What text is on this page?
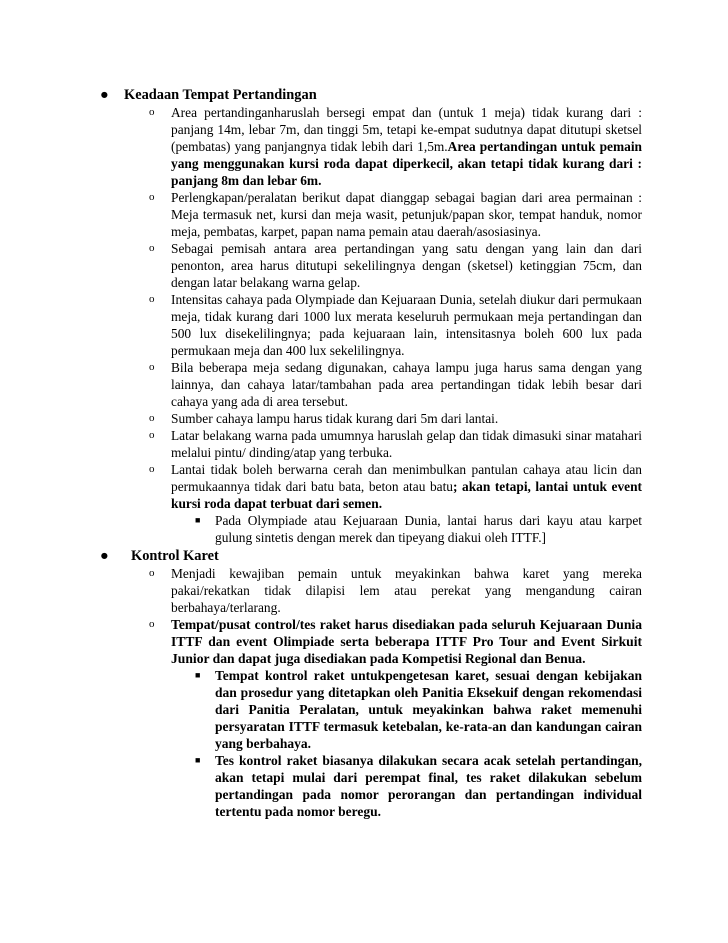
● Keadaan Tempat Pertandingan
o Area pertandinganharuslah bersegi empat dan (untuk 1 meja) tidak kurang dari : panjang 14m, lebar 7m, dan tinggi 5m, tetapi ke-empat sudutnya dapat ditutupi sketsel (pembatas) yang panjangnya tidak lebih dari 1,5m.Area pertandingan untuk pemain yang menggunakan kursi roda dapat diperkecil, akan tetapi tidak kurang dari : panjang 8m dan lebar 6m.
o Perlengkapan/peralatan berikut dapat dianggap sebagai bagian dari area permainan : Meja termasuk net, kursi dan meja wasit, petunjuk/papan skor, tempat handuk, nomor meja, pembatas, karpet, papan nama pemain atau daerah/asosiasinya.
o Sebagai pemisah antara area pertandingan yang satu dengan yang lain dan dari penonton, area harus ditutupi sekelilingnya dengan (sketsel) ketinggian 75cm, dan dengan latar belakang warna gelap.
o Intensitas cahaya pada Olympiade dan Kejuaraan Dunia, setelah diukur dari permukaan meja, tidak kurang dari 1000 lux merata keseluruh permukaan meja pertandingan dan 500 lux disekelilingnya; pada kejuaraan lain, intensitasnya boleh 600 lux pada permukaan meja dan 400 lux sekelilingnya.
o Bila beberapa meja sedang digunakan, cahaya lampu juga harus sama dengan yang lainnya, dan cahaya latar/tambahan pada area pertandingan tidak lebih besar dari cahaya yang ada di area tersebut.
o Sumber cahaya lampu harus tidak kurang dari 5m dari lantai.
o Latar belakang warna pada umumnya haruslah gelap dan tidak dimasuki sinar matahari melalui pintu/ dinding/atap yang terbuka.
o Lantai tidak boleh berwarna cerah dan menimbulkan pantulan cahaya atau licin dan permukaannya tidak dari batu bata, beton atau batu; akan tetapi, lantai untuk event kursi roda dapat terbuat dari semen.
■ Pada Olympiade atau Kejuaraan Dunia, lantai harus dari kayu atau karpet gulung sintetis dengan merek dan tipeyang diakui oleh ITTF.]
● Kontrol Karet
o Menjadi kewajiban pemain untuk meyakinkan bahwa karet yang mereka pakai/rekatkan tidak dilapisi lem atau perekat yang mengandung cairan berbahaya/terlarang.
o Tempat/pusat control/tes raket harus disediakan pada seluruh Kejuaraan Dunia ITTF dan event Olimpiade serta beberapa ITTF Pro Tour and Event Sirkuit Junior dan dapat juga disediakan pada Kompetisi Regional dan Benua.
■ Tempat kontrol raket untukpengetesan karet, sesuai dengan kebijakan dan prosedur yang ditetapkan oleh Panitia Eksekuif dengan rekomendasi dari Panitia Peralatan, untuk meyakinkan bahwa raket memenuhi persyaratan ITTF termasuk ketebalan, ke-rata-an dan kandungan cairan yang berbahaya.
■ Tes kontrol raket biasanya dilakukan secara acak setelah pertandingan, akan tetapi mulai dari perempat final, tes raket dilakukan sebelum pertandingan pada nomor perorangan dan pertandingan individual tertentu pada nomor beregu.
